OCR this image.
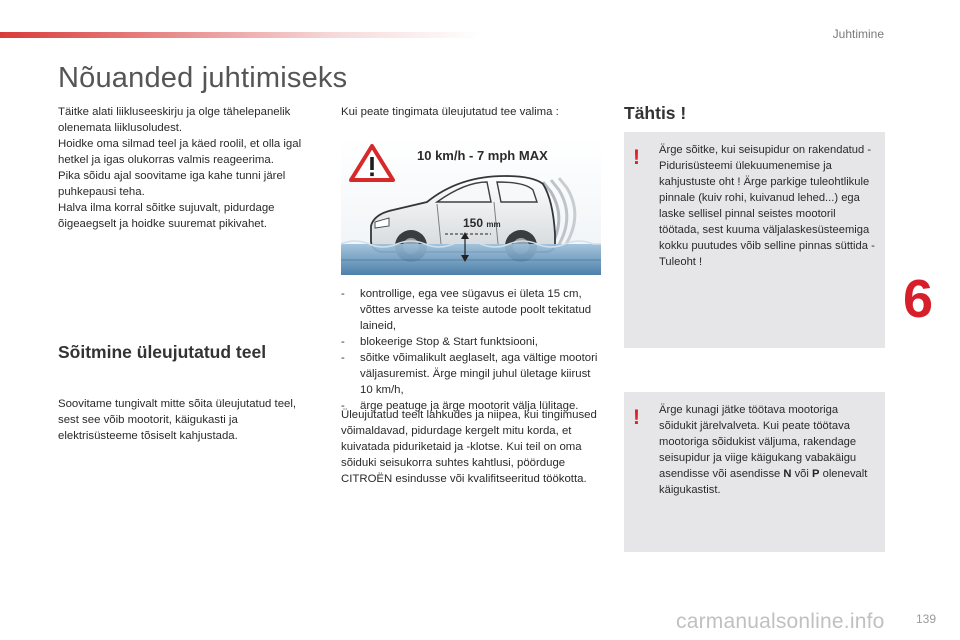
Juhtimine
Nõuanded juhtimiseks

Täitke alati liikluseeskirju ja olge tähelepanelik olenemata liiklusoludest.

Hoidke oma silmad teel ja käed roolil, et olla igal hetkel ja igas olukorras valmis reageerima.

Pika sõidu ajal soovitame iga kahe tunni järel puhkepausi teha.

Halva ilma korral sõitke sujuvalt, pidurdage õigeaegselt ja hoidke suuremat pikivahet.

Sõitmine üleujutatud teel

Soovitame tungivalt mitte sõita üleujutatud teel, sest see võib mootorit, käigukasti ja elektrisüsteeme tõsiselt kahjustada.

Kui peate tingimata üleujutatud tee valima :

10 km/h - 7 mph MAX
150 mm
- kontrollige, ega vee sügavus ei ületa 15 cm, võttes arvesse ka teiste autode poolt tekitatud laineid,
- blokeerige Stop & Start funktsiooni,
- sõitke võimalikult aeglaselt, aga vältige mootori väljasuremist. Ärge mingil juhul ületage kiirust 10 km/h,
- ärge peatuge ja ärge mootorit välja lülitage.

Üleujutatud teelt lahkudes ja niipea, kui tingimused võimaldavad, pidurdage kergelt mitu korda, et kuivatada piduriketaid ja -klotse. Kui teil on oma sõiduki seisukorra suhtes kahtlusi, pöörduge CITROËN esindusse või kvalifitseeritud töökotta.

Tähtis !
! Ärge sõitke, kui seisupidur on rakendatud - Pidurisüsteemi ülekuumenemise ja kahjustuste oht ! Ärge parkige tuleohtlikule pinnale (kuiv rohi, kuivanud lehed...) ega laske sellisel pinnal seistes mootoril töötada, sest kuuma väljalaskesüsteemiga kokku puutudes võib selline pinnas süttida - Tuleoht !

! Ärge kunagi jätke töötava mootoriga sõidukit järelvalveta. Kui peate töötava mootoriga sõidukist väljuma, rakendage seisupidur ja viige käigukang vabakäigu asendisse või asendisse N või P olenevalt käigukastist.

6
139
carmanualsonline.info
